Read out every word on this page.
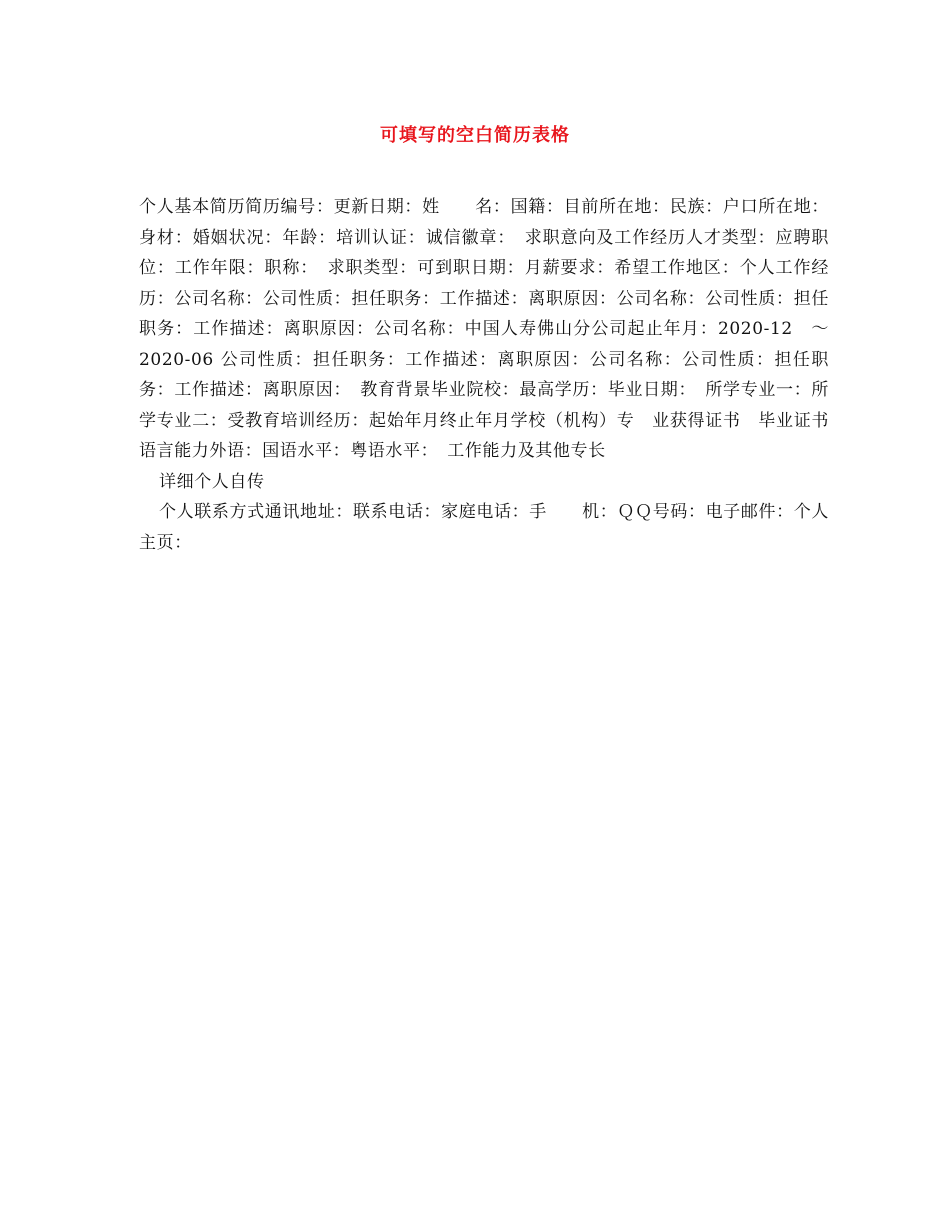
可填写的空白简历表格

个人基本简历简历编号：更新日期：姓　　名：国籍：目前所在地：民族：户口所在地：身材：婚姻状况：年龄：培训认证：诚信徽章：　求职意向及工作经历人才类型：应聘职位：工作年限：职称：　求职类型：可到职日期：月薪要求：希望工作地区：个人工作经历：公司名称：公司性质：担任职务：工作描述：离职原因：公司名称：公司性质：担任职务：工作描述：离职原因：公司名称：中国人寿佛山分公司起止年月：2020-12　～　2020-06 公司性质：担任职务：工作描述：离职原因：公司名称：公司性质：担任职务：工作描述：离职原因：　教育背景毕业院校：最高学历：毕业日期：　所学专业一：所学专业二：受教育培训经历：起始年月终止年月学校（机构）专　业获得证书　毕业证书　语言能力外语：国语水平：粤语水平：　工作能力及其他专长

详细个人自传

个人联系方式通讯地址：联系电话：家庭电话：手　　机：ＱＱ号码：电子邮件：个人主页：
